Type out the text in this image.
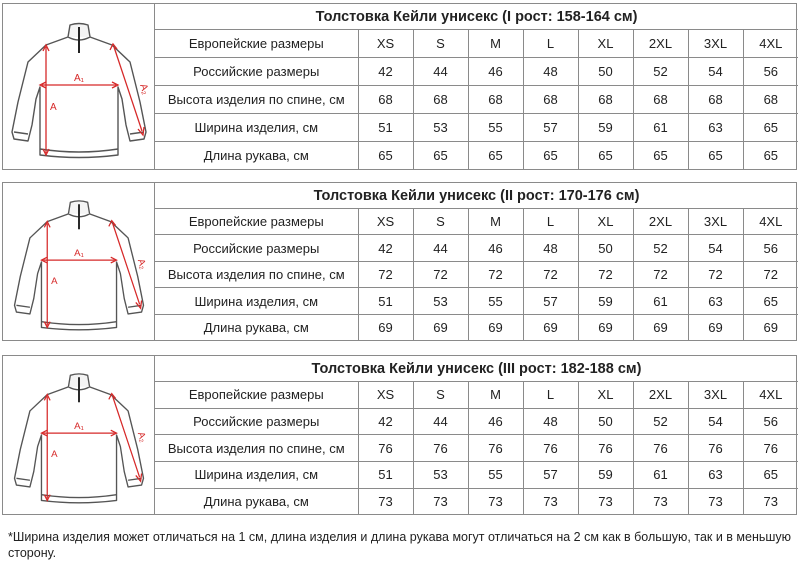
A
A₁
A₂
Толстовка Кейли унисекс (I рост: 158-164 см)								
Европейские размеры	XS	S	M	L	XL	2XL	3XL	4XL
Российские размеры	42	44	46	48	50	52	54	56
Высота изделия по спине, см	68	68	68	68	68	68	68	68
Ширина изделия, см	51	53	55	57	59	61	63	65
Длина рукава, см	65	65	65	65	65	65	65	65
A
A₁
A₂
Толстовка Кейли унисекс (II рост: 170-176 см)								
Европейские размеры	XS	S	M	L	XL	2XL	3XL	4XL
Российские размеры	42	44	46	48	50	52	54	56
Высота изделия по спине, см	72	72	72	72	72	72	72	72
Ширина изделия, см	51	53	55	57	59	61	63	65
Длина рукава, см	69	69	69	69	69	69	69	69
A
A₁
A₂
Толстовка Кейли унисекс (III рост: 182-188 см)								
Европейские размеры	XS	S	M	L	XL	2XL	3XL	4XL
Российские размеры	42	44	46	48	50	52	54	56
Высота изделия по спине, см	76	76	76	76	76	76	76	76
Ширина изделия, см	51	53	55	57	59	61	63	65
Длина рукава, см	73	73	73	73	73	73	73	73
*Ширина изделия может отличаться на 1 см, длина изделия и длина рукава могут отличаться на 2 см как в большую, так и в меньшую сторону.
